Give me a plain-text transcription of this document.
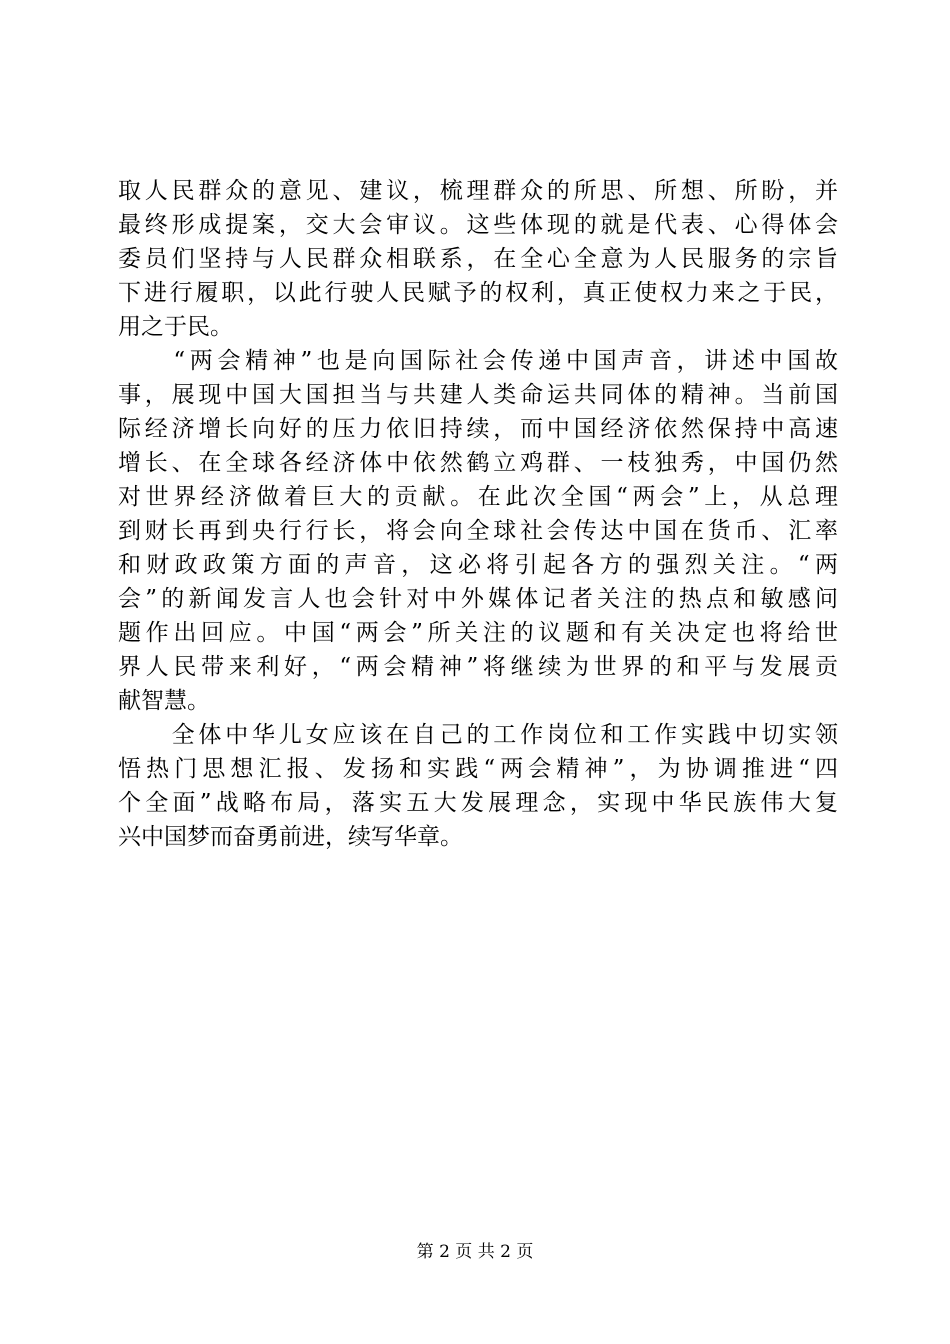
取人民群众的意见、建议，梳理群众的所思、所想、所盼，并
最终形成提案，交大会审议。这些体现的就是代表、心得体会
委员们坚持与人民群众相联系，在全心全意为人民服务的宗旨
下进行履职，以此行驶人民赋予的权利，真正使权力来之于民，
用之于民。
　　“两会精神”也是向国际社会传递中国声音，讲述中国故
事，展现中国大国担当与共建人类命运共同体的精神。当前国
际经济增长向好的压力依旧持续，而中国经济依然保持中高速
增长、在全球各经济体中依然鹤立鸡群、一枝独秀，中国仍然
对世界经济做着巨大的贡献。在此次全国“两会”上，从总理
到财长再到央行行长，将会向全球社会传达中国在货币、汇率
和财政政策方面的声音，这必将引起各方的强烈关注。“两
会”的新闻发言人也会针对中外媒体记者关注的热点和敏感问
题作出回应。中国“两会”所关注的议题和有关决定也将给世
界人民带来利好，“两会精神”将继续为世界的和平与发展贡
献智慧。
　　全体中华儿女应该在自己的工作岗位和工作实践中切实领
悟热门思想汇报、发扬和实践“两会精神”，为协调推进“四
个全面”战略布局，落实五大发展理念，实现中华民族伟大复
兴中国梦而奋勇前进，续写华章。
第 2 页 共 2 页
